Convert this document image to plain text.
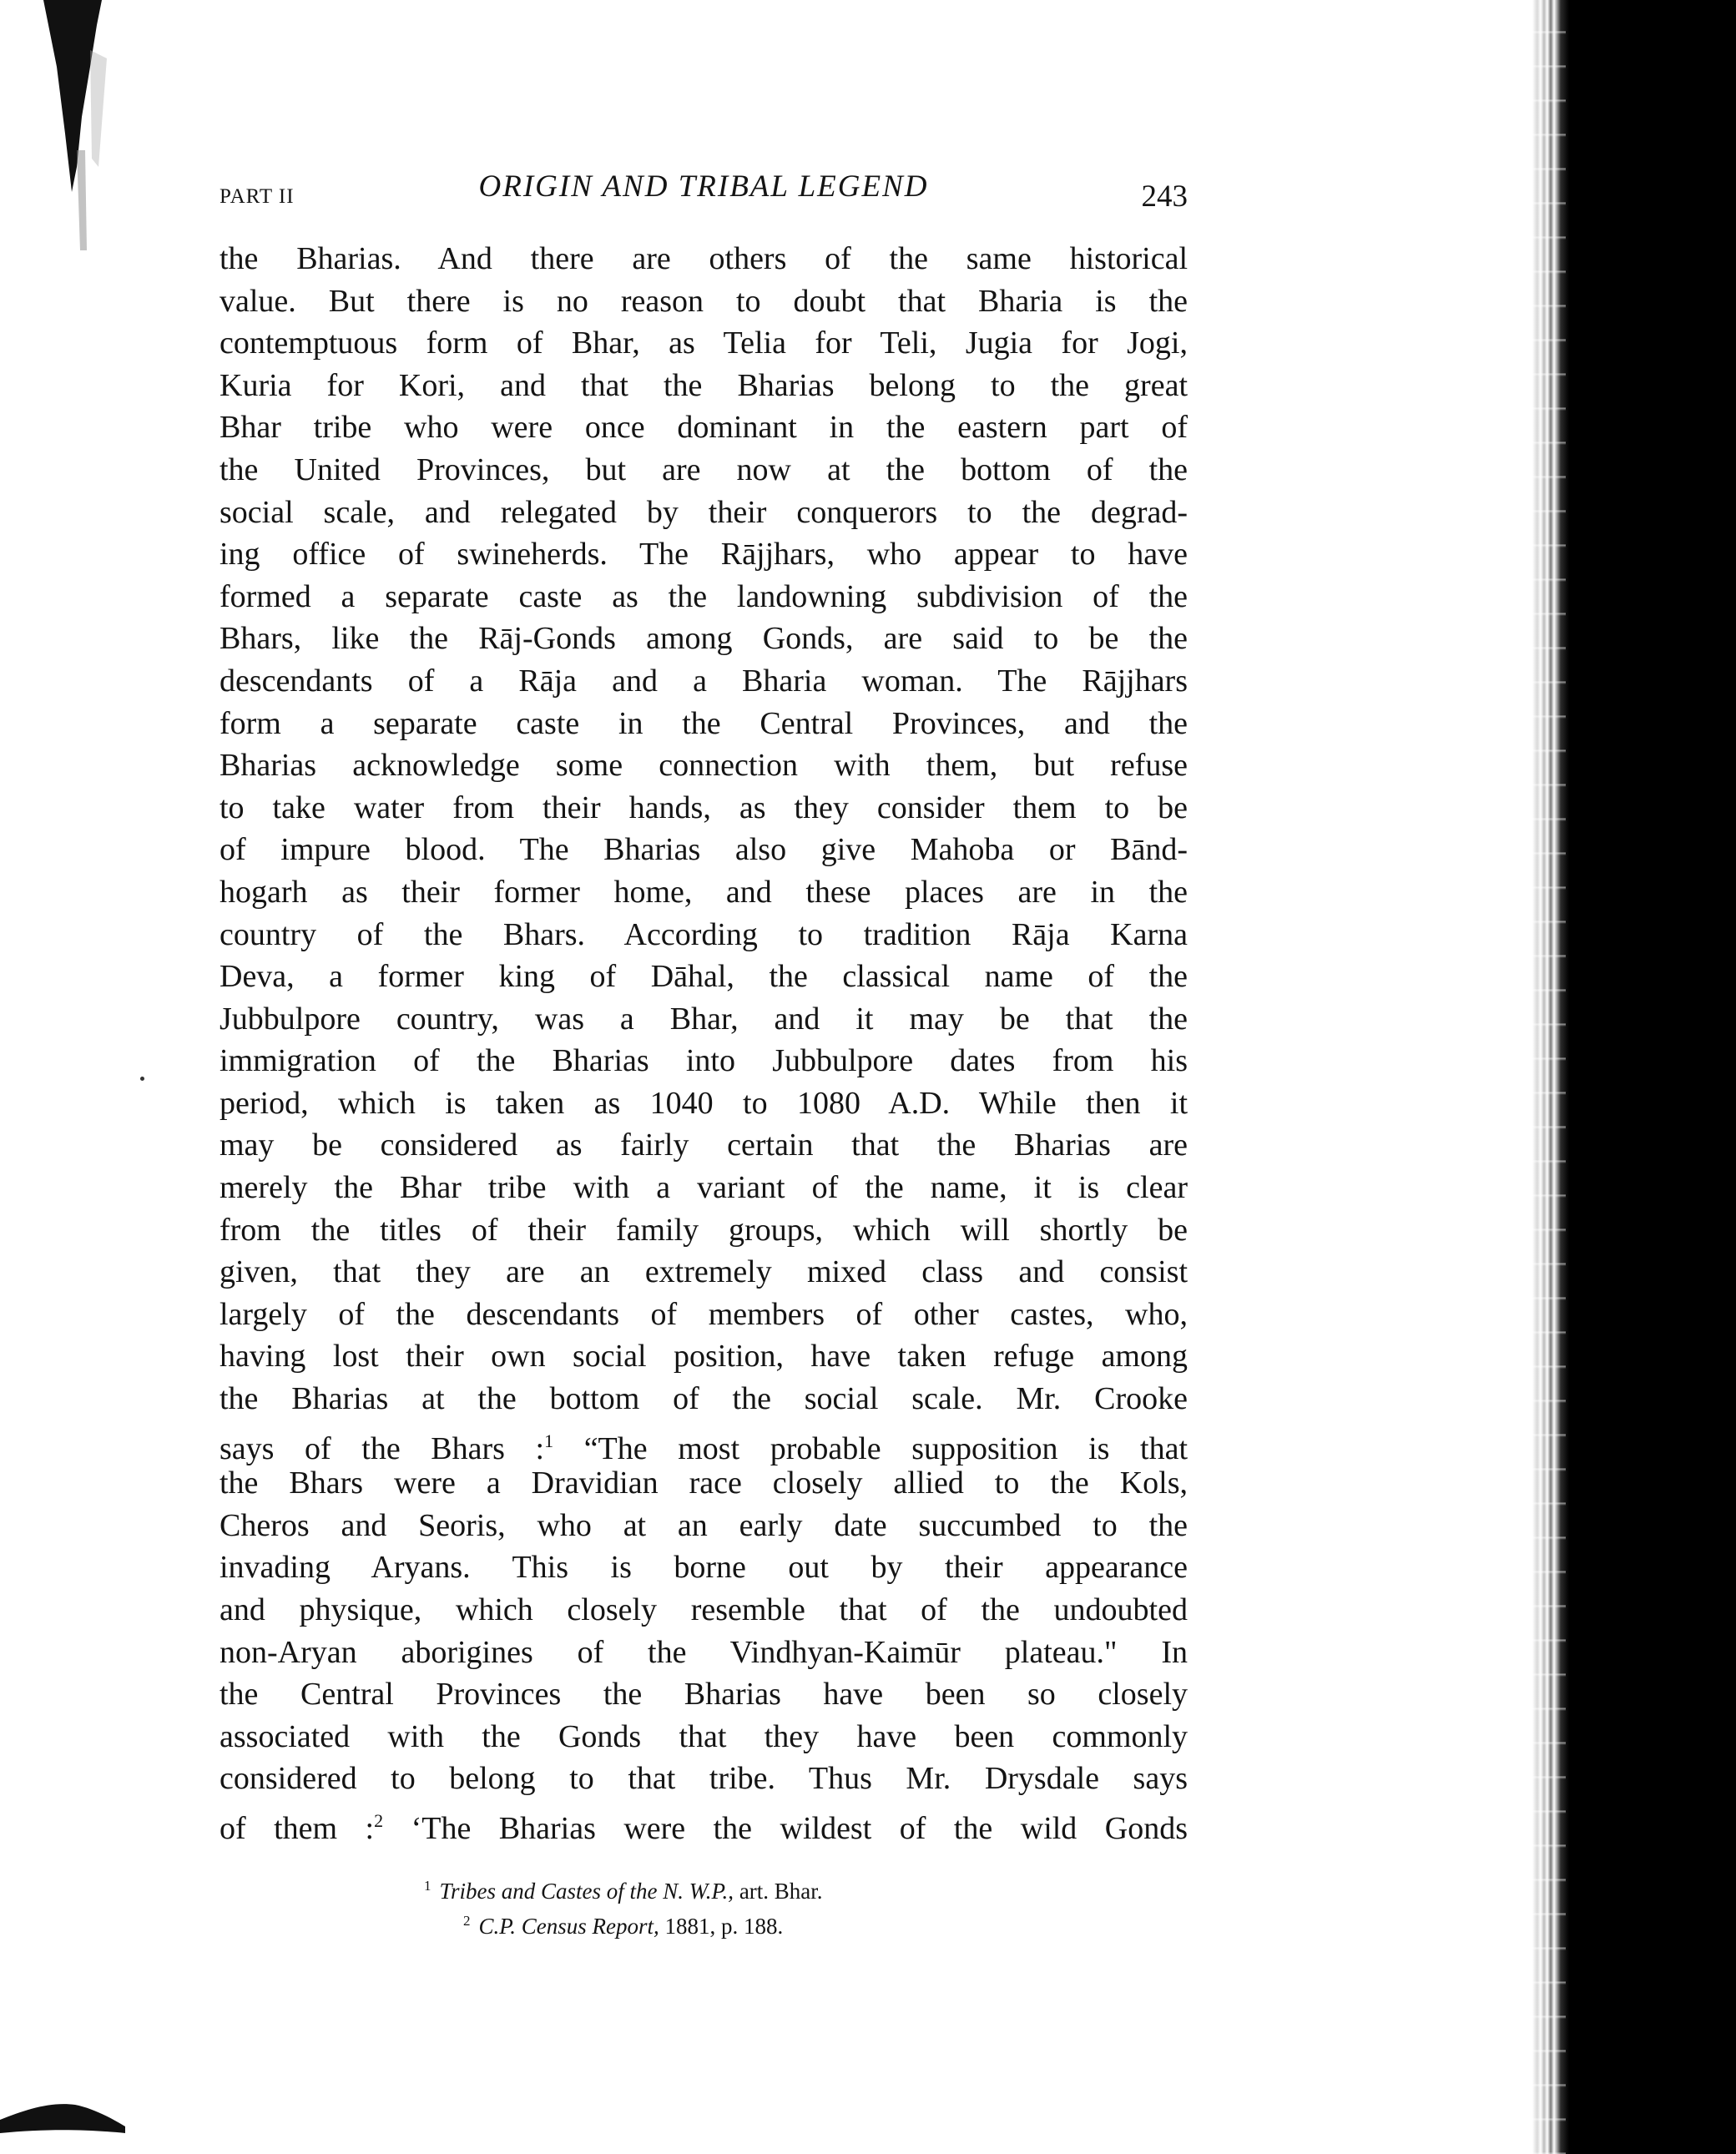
PART II	ORIGIN AND TRIBAL LEGEND	243
the Bharias. And there are others of the same historical
value. But there is no reason to doubt that Bharia is the
contemptuous form of Bhar, as Telia for Teli, Jugia for Jogi,
Kuria for Kori, and that the Bharias belong to the great
Bhar tribe who were once dominant in the eastern part of
the United Provinces, but are now at the bottom of the
social scale, and relegated by their conquerors to the degrad-
ing office of swineherds. The Rājjhars, who appear to have
formed a separate caste as the landowning subdivision of the
Bhars, like the Rāj-Gonds among Gonds, are said to be the
descendants of a Rāja and a Bharia woman. The Rājjhars
form a separate caste in the Central Provinces, and the
Bharias acknowledge some connection with them, but refuse
to take water from their hands, as they consider them to be
of impure blood. The Bharias also give Mahoba or Bānd-
hogarh as their former home, and these places are in the
country of the Bhars. According to tradition Rāja Karna
Deva, a former king of Dāhal, the classical name of the
Jubbulpore country, was a Bhar, and it may be that the
immigration of the Bharias into Jubbulpore dates from his
period, which is taken as 1040 to 1080 A.D. While then it
may be considered as fairly certain that the Bharias are
merely the Bhar tribe with a variant of the name, it is clear
from the titles of their family groups, which will shortly be
given, that they are an extremely mixed class and consist
largely of the descendants of members of other castes, who,
having lost their own social position, have taken refuge among
the Bharias at the bottom of the social scale. Mr. Crooke
says of the Bhars :$^1$ “The most probable supposition is that
the Bhars were a Dravidian race closely allied to the Kols,
Cheros and Seoris, who at an early date succumbed to the
invading Aryans. This is borne out by their appearance
and physique, which closely resemble that of the undoubted
non-Aryan aborigines of the Vindhyan-Kaimūr plateau." In
the Central Provinces the Bharias have been so closely
associated with the Gonds that they have been commonly
considered to belong to that tribe. Thus Mr. Drysdale says
of them :$^2$ ‘The Bharias were the wildest of the wild Gonds
$^1$ Tribes and Castes of the N. W.P., art. Bhar.
$^2$ C.P. Census Report, 1881, p. 188.
